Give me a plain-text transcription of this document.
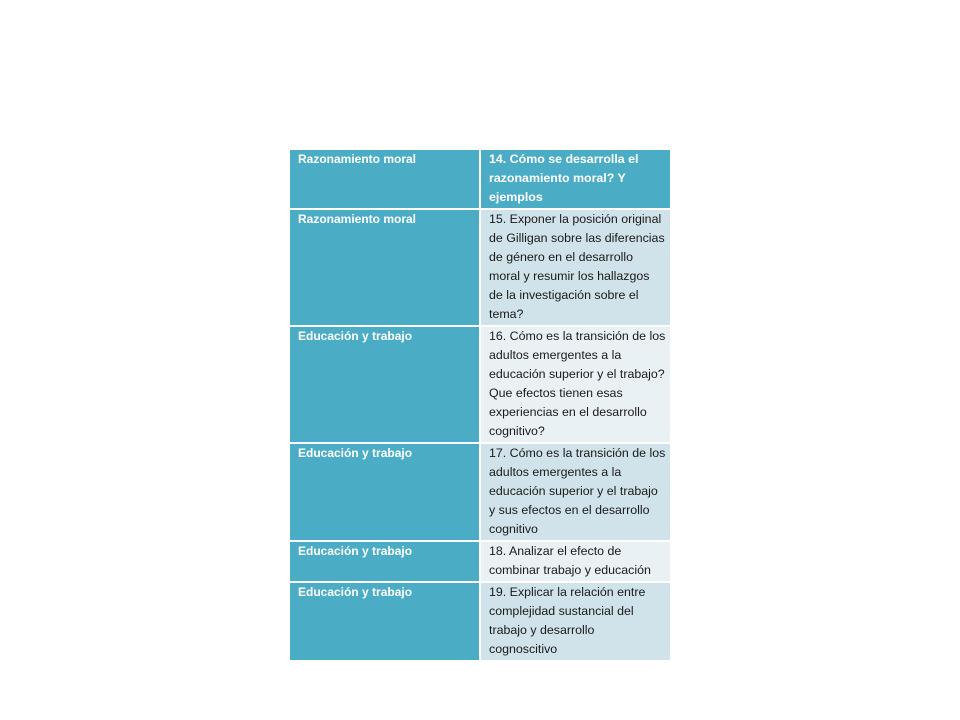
Razonamiento moral	14. Cómo se desarrolla el razonamiento moral? Y ejemplos
Razonamiento moral	15. Exponer la posición original de Gilligan sobre las diferencias de género en el desarrollo moral y resumir los hallazgos de la investigación sobre el tema?
Educación y trabajo	16. Cómo es la transición de los adultos emergentes a la educación superior y el trabajo? Que efectos tienen esas experiencias en el desarrollo cognitivo?
Educación y trabajo	17. Cómo es la transición de los adultos emergentes a la educación superior y el trabajo y sus efectos en el desarrollo cognitivo
Educación y trabajo	18. Analizar el efecto de combinar trabajo y educación
Educación y trabajo	19. Explicar la relación entre complejidad sustancial del trabajo y desarrollo cognoscitivo
